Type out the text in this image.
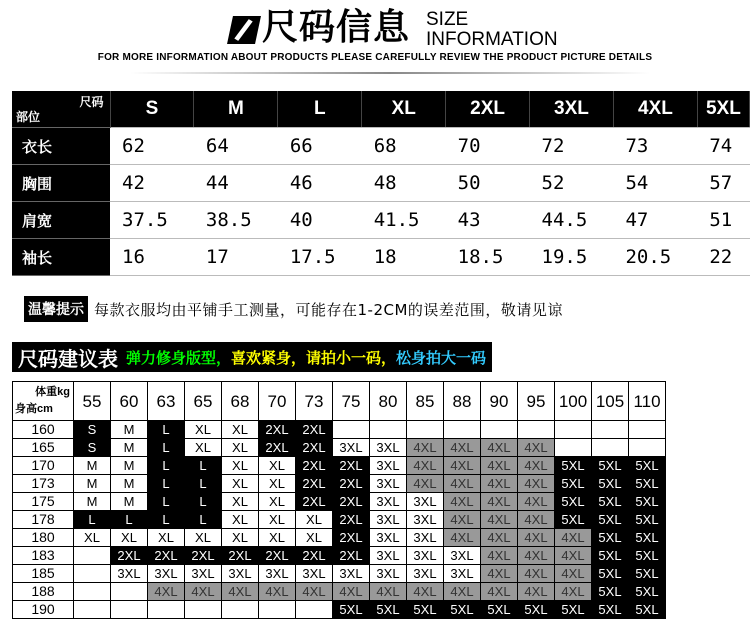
尺码信息 SIZE
INFORMATION
FOR MORE INFORMATION ABOUT PRODUCTS PLEASE CAREFULLY REVIEW THE PRODUCT PICTURE DETAILS
尺码
部位	S	M	L	XL	2XL	3XL	4XL	5XL
衣长	62	64	66	68	70	72	73	74
胸围	42	44	46	48	50	52	54	57
肩宽	37.5	38.5	40	41.5	43	44.5	47	51
袖长	16	17	17.5	18	18.5	19.5	20.5	22
温馨提示 每款衣服均由平铺手工测量，可能存在1-2CM的误差范围，敬请见谅
尺码建议表 弹力修身版型， 喜欢紧身，请拍小一码， 松身拍大一码
体重kg
身高cm	55	60	63	65	68	70	73	75	80	85	88	90	95	100	105	110
160	S	M	L	XL	XL	2XL	2XL									
165	S	M	L	XL	XL	2XL	2XL	3XL	3XL	4XL	4XL	4XL	4XL			
170	M	M	L	L	XL	XL	2XL	2XL	3XL	4XL	4XL	4XL	4XL	5XL	5XL	5XL
173	M	M	L	L	XL	XL	2XL	2XL	3XL	4XL	4XL	4XL	4XL	5XL	5XL	5XL
175	M	M	L	L	XL	XL	2XL	2XL	3XL	3XL	4XL	4XL	4XL	5XL	5XL	5XL
178	L	L	L	L	XL	XL	XL	2XL	3XL	3XL	4XL	4XL	4XL	5XL	5XL	5XL
180	XL	XL	XL	XL	XL	XL	XL	2XL	3XL	3XL	4XL	4XL	4XL	4XL	5XL	5XL
183		2XL	2XL	2XL	2XL	2XL	2XL	2XL	3XL	3XL	3XL	4XL	4XL	4XL	5XL	5XL
185		3XL	3XL	3XL	3XL	3XL	3XL	3XL	3XL	3XL	3XL	4XL	4XL	4XL	5XL	5XL
188			4XL	4XL	4XL	4XL	4XL	4XL	4XL	4XL	4XL	4XL	4XL	4XL	5XL	5XL
190								5XL	5XL	5XL	5XL	5XL	5XL	5XL	5XL	5XL
